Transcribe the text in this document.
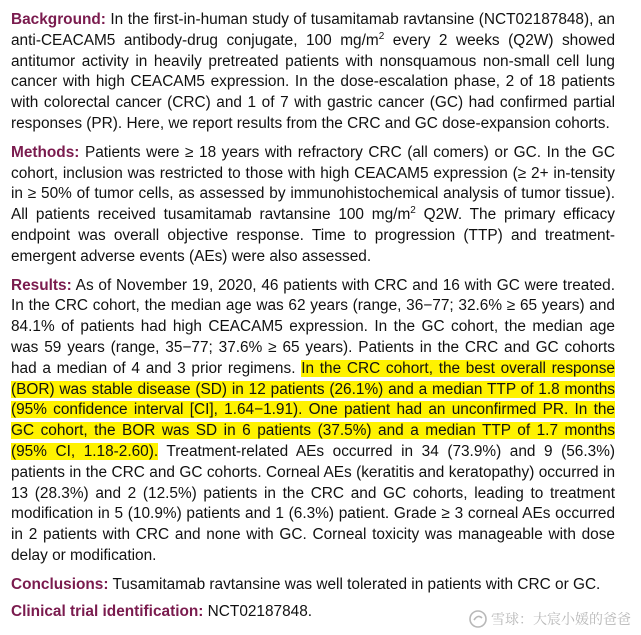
Background: In the first-in-human study of tusamitamab ravtansine (NCT02187848), an anti-CEACAM5 antibody-drug conjugate, 100 $mg/m^2$ every 2 weeks (Q2W) showed antitumor activity in heavily pretreated patients with nonsquamous non-small cell lung cancer with high CEACAM5 expression. In the dose-escalation phase, 2 of 18 patients with colorectal cancer (CRC) and 1 of 7 with gastric cancer (GC) had confirmed partial responses (PR). Here, we report results from the CRC and GC dose-expansion cohorts.

Methods: Patients were ≥ 18 years with refractory CRC (all comers) or GC. In the GC cohort, inclusion was restricted to those with high CEACAM5 expression (≥ 2+ in-tensity in ≥ 50% of tumor cells, as assessed by immunohistochemical analysis of tumor tissue). All patients received tusamitamab ravtansine 100 $mg/m^2$ Q2W. The primary efficacy endpoint was overall objective response. Time to progression (TTP) and treatment-emergent adverse events (AEs) were also assessed.

Results: As of November 19, 2020, 46 patients with CRC and 16 with GC were treated. In the CRC cohort, the median age was 62 years (range, 36−77; 32.6% ≥ 65 years) and 84.1% of patients had high CEACAM5 expression. In the GC cohort, the median age was 59 years (range, 35−77; 37.6% ≥ 65 years). Patients in the CRC and GC cohorts had a median of 4 and 3 prior regimens. In the CRC cohort, the best overall response (BOR) was stable disease (SD) in 12 patients (26.1%) and a median TTP of 1.8 months (95% confidence interval [CI], 1.64−1.91). One patient had an unconfirmed PR. In the GC cohort, the BOR was SD in 6 patients (37.5%) and a median TTP of 1.7 months (95% CI, 1.18-2.60). Treatment-related AEs occurred in 34 (73.9%) and 9 (56.3%) patients in the CRC and GC cohorts. Corneal AEs (keratitis and keratopathy) occurred in 13 (28.3%) and 2 (12.5%) patients in the CRC and GC cohorts, leading to treatment modification in 5 (10.9%) patients and 1 (6.3%) patient. Grade ≥ 3 corneal AEs occurred in 2 patients with CRC and none with GC. Corneal toxicity was manageable with dose delay or modification.

Conclusions: Tusamitamab ravtansine was well tolerated in patients with CRC or GC.

Clinical trial identification: NCT02187848.

雪球：大宸小媛的爸爸
